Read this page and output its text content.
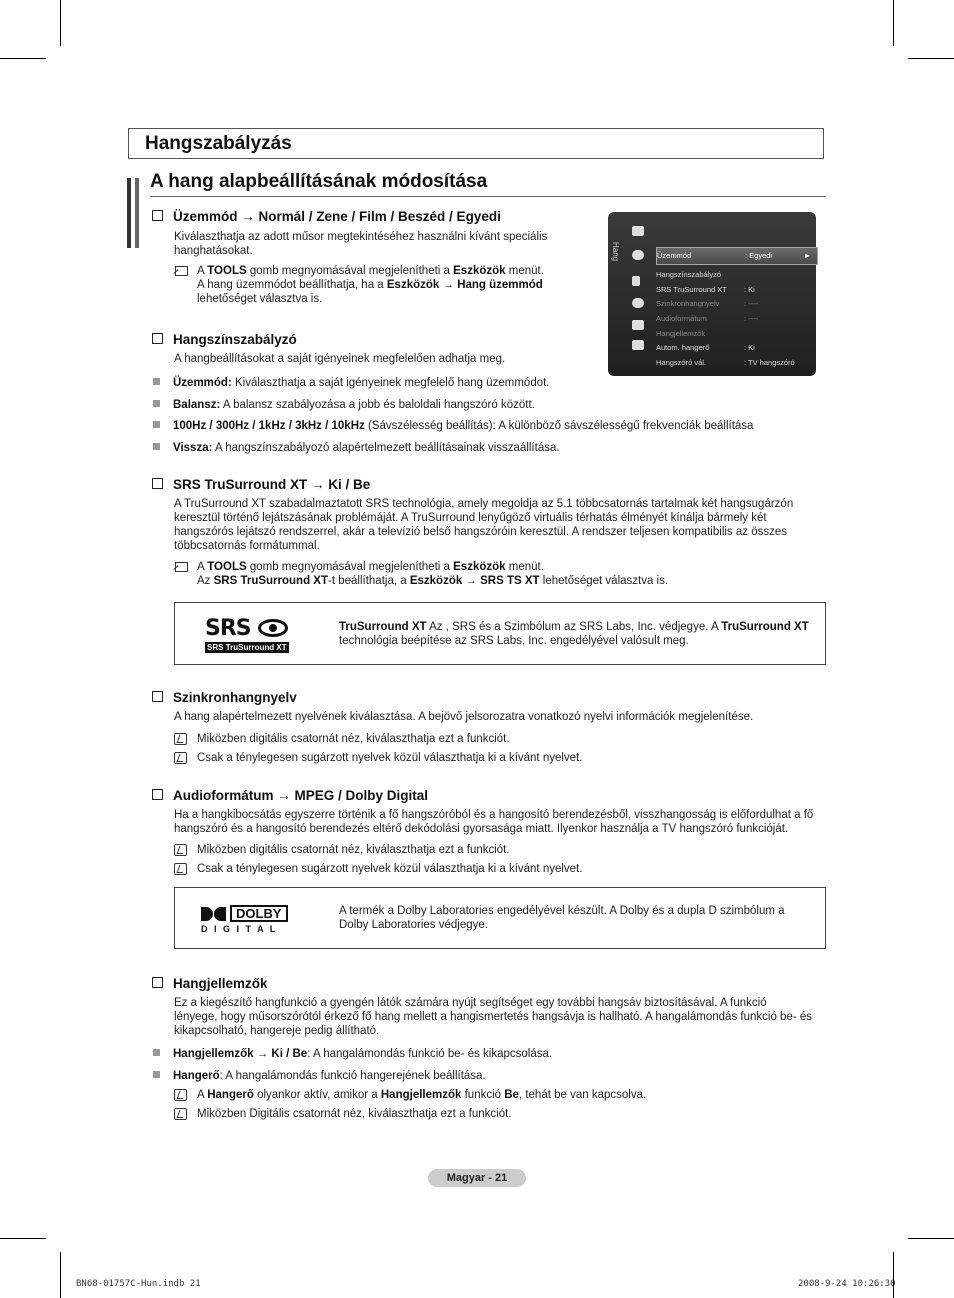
Hangszabályzás
A hang alapbeállításának módosítása
Hang	Üzemmód	: Egyedi	►
Hangszínszabályzó
SRS TruSurround XT : Ki
Szinkronhangnyelv	: ----
Audioformátum	: ----
Hangjellemzők
Autom. hangerő	: Ki
Hangszóró vál.	: TV hangszóró
Üzemmód → Normál / Zene / Film / Beszéd / Egyedi
Kiválaszthatja az adott műsor megtekintéséhez használni kívánt speciális
hanghatásokat.
A TOOLS gomb megnyomásával megjelenítheti a Eszközök menüt.
A hang üzemmódot beállíthatja, ha a Eszközök → Hang üzemmód
lehetőséget választva is.
Hangszínszabályzó
A hangbeállításokat a saját igényeinek megfelelően adhatja meg.
Üzemmód: Kiválaszthatja a saját igényeinek megfelelő hang üzemmódot.
Balansz: A balansz szabályozása a jobb és baloldali hangszóró között.
100Hz / 300Hz / 1kHz / 3kHz / 10kHz (Sávszélesség beállítás): A különböző sávszélességű frekvenciák beállítása
Vissza: A hangszínszabályozó alapértelmezett beállításainak visszaállítása.
SRS TruSurround XT → Ki / Be
A TruSurround XT szabadalmaztatott SRS technológia, amely megoldja az 5.1 többcsatornás tartalmak két hangsugárzón
keresztül történő lejátszásának problémáját. A TruSurround lenyűgöző virtuális térhatás élményét kínálja bármely két
hangszórós lejátszó rendszerrel, akár a televízió belső hangszóróin keresztül. A rendszer teljesen kompatibilis az összes
többcsatornás formátummal.
A TOOLS gomb megnyomásával megjelenítheti a Eszközök menüt.
Az SRS TruSurround XT-t beállíthatja, a Eszközök → SRS TS XT lehetőséget választva is.
SRS
SRS TruSurround XT
TruSurround XT Az , SRS és a Szimbólum az SRS Labs, Inc. védjegye. A TruSurround XT
technológia beépítése az SRS Labs, Inc. engedélyével valósult meg.
Szinkronhangnyelv
A hang alapértelmezett nyelvének kiválasztása. A bejövő jelsorozatra vonatkozó nyelvi információk megjelenítése.
Miközben digitális csatornát néz, kiválaszthatja ezt a funkciót.
Csak a ténylegesen sugárzott nyelvek közül választhatja ki a kívánt nyelvet.
Audioformátum → MPEG / Dolby Digital
Ha a hangkibocsátás egyszerre történik a fő hangszóróból és a hangosító berendezésből, visszhangosság is előfordulhat a fő
hangszóró és a hangosító berendezés eltérő dekódolási gyorsasága miatt. Ilyenkor használja a TV hangszóró funkcióját.
Miközben digitális csatornát néz, kiválaszthatja ezt a funkciót.
Csak a ténylegesen sugárzott nyelvek közül választhatja ki a kívánt nyelvet.
DOLBY
D I G I T A L
A termék a Dolby Laboratories engedélyével készült. A Dolby és a dupla D szimbólum a
Dolby Laboratories védjegye.
Hangjellemzők
Ez a kiegészítő hangfunkció a gyengén látók számára nyújt segítséget egy további hangsáv biztosításával. A funkció
lényege, hogy műsorszórótól érkező fő hang mellett a hangismertetés hangsávja is hallható. A hangalámondás funkció be- és
kikapcsolható, hangereje pedig állítható.
Hangjellemzők → Ki / Be: A hangalámondás funkció be- és kikapcsolása.
Hangerő: A hangalámondás funkció hangerejének beállítása.
A Hangerő olyankor aktív, amikor a Hangjellemzők funkció Be, tehát be van kapcsolva.
Miközben Digitális csatornát néz, kiválaszthatja ezt a funkciót.
Magyar - 21
BN68-01757C-Hun.indb 21	2008-9-24 10:26:30
